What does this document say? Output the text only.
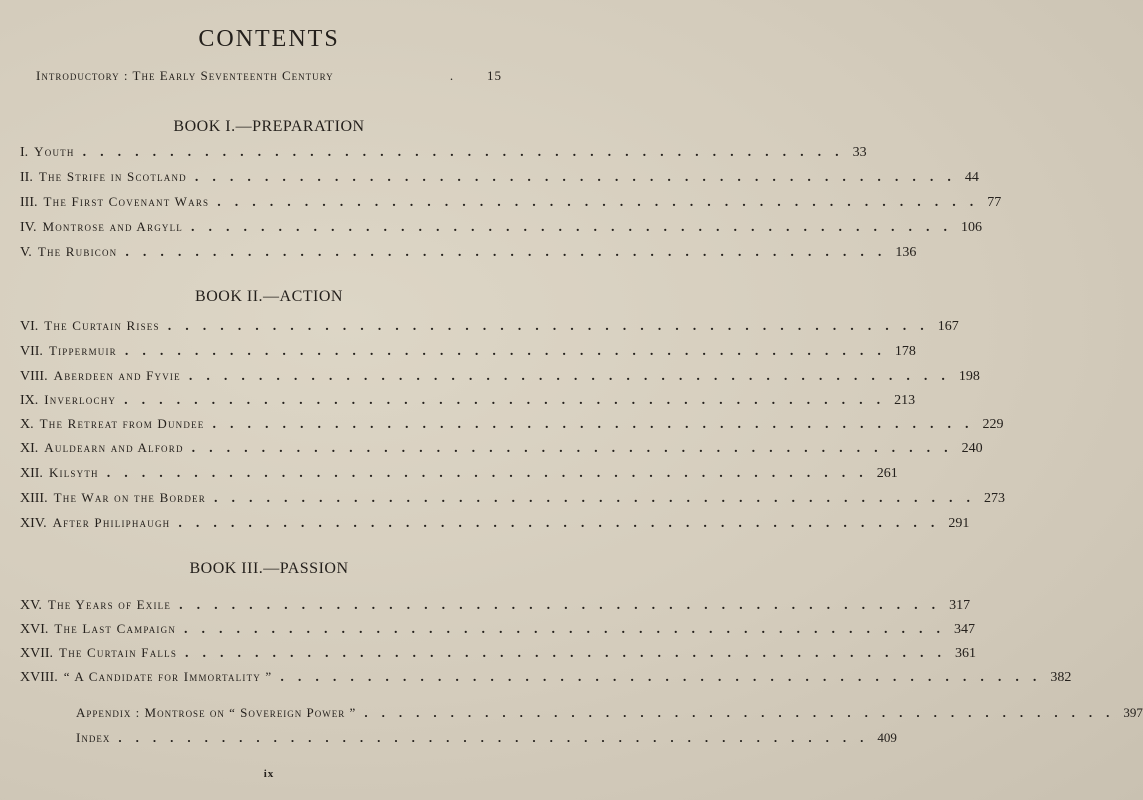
CONTENTS
Introductory : The Early Seventeenth Century	.	15
BOOK I.—PREPARATION
I. Youth ............................................ 33
II. The Strife in Scotland ............................................ 44
III. The First Covenant Wars ............................................ 77
IV. Montrose and Argyll ............................................ 106
V. The Rubicon ............................................ 136
BOOK II.—ACTION
VI. The Curtain Rises ............................................ 167
VII. Tippermuir ............................................ 178
VIII. Aberdeen and Fyvie ............................................ 198
IX. Inverlochy ............................................ 213
X. The Retreat from Dundee ............................................ 229
XI. Auldearn and Alford ............................................ 240
XII. Kilsyth ............................................ 261
XIII. The War on the Border ............................................ 273
XIV. After Philiphaugh ............................................ 291
BOOK III.—PASSION
XV. The Years of Exile ............................................ 317
XVI. The Last Campaign ............................................ 347
XVII. The Curtain Falls ............................................ 361
XVIII. “ A Candidate for Immortality ” ............................................ 382
Appendix : Montrose on “ Sovereign Power ” ............................................ 397
Index ............................................ 409
ix
